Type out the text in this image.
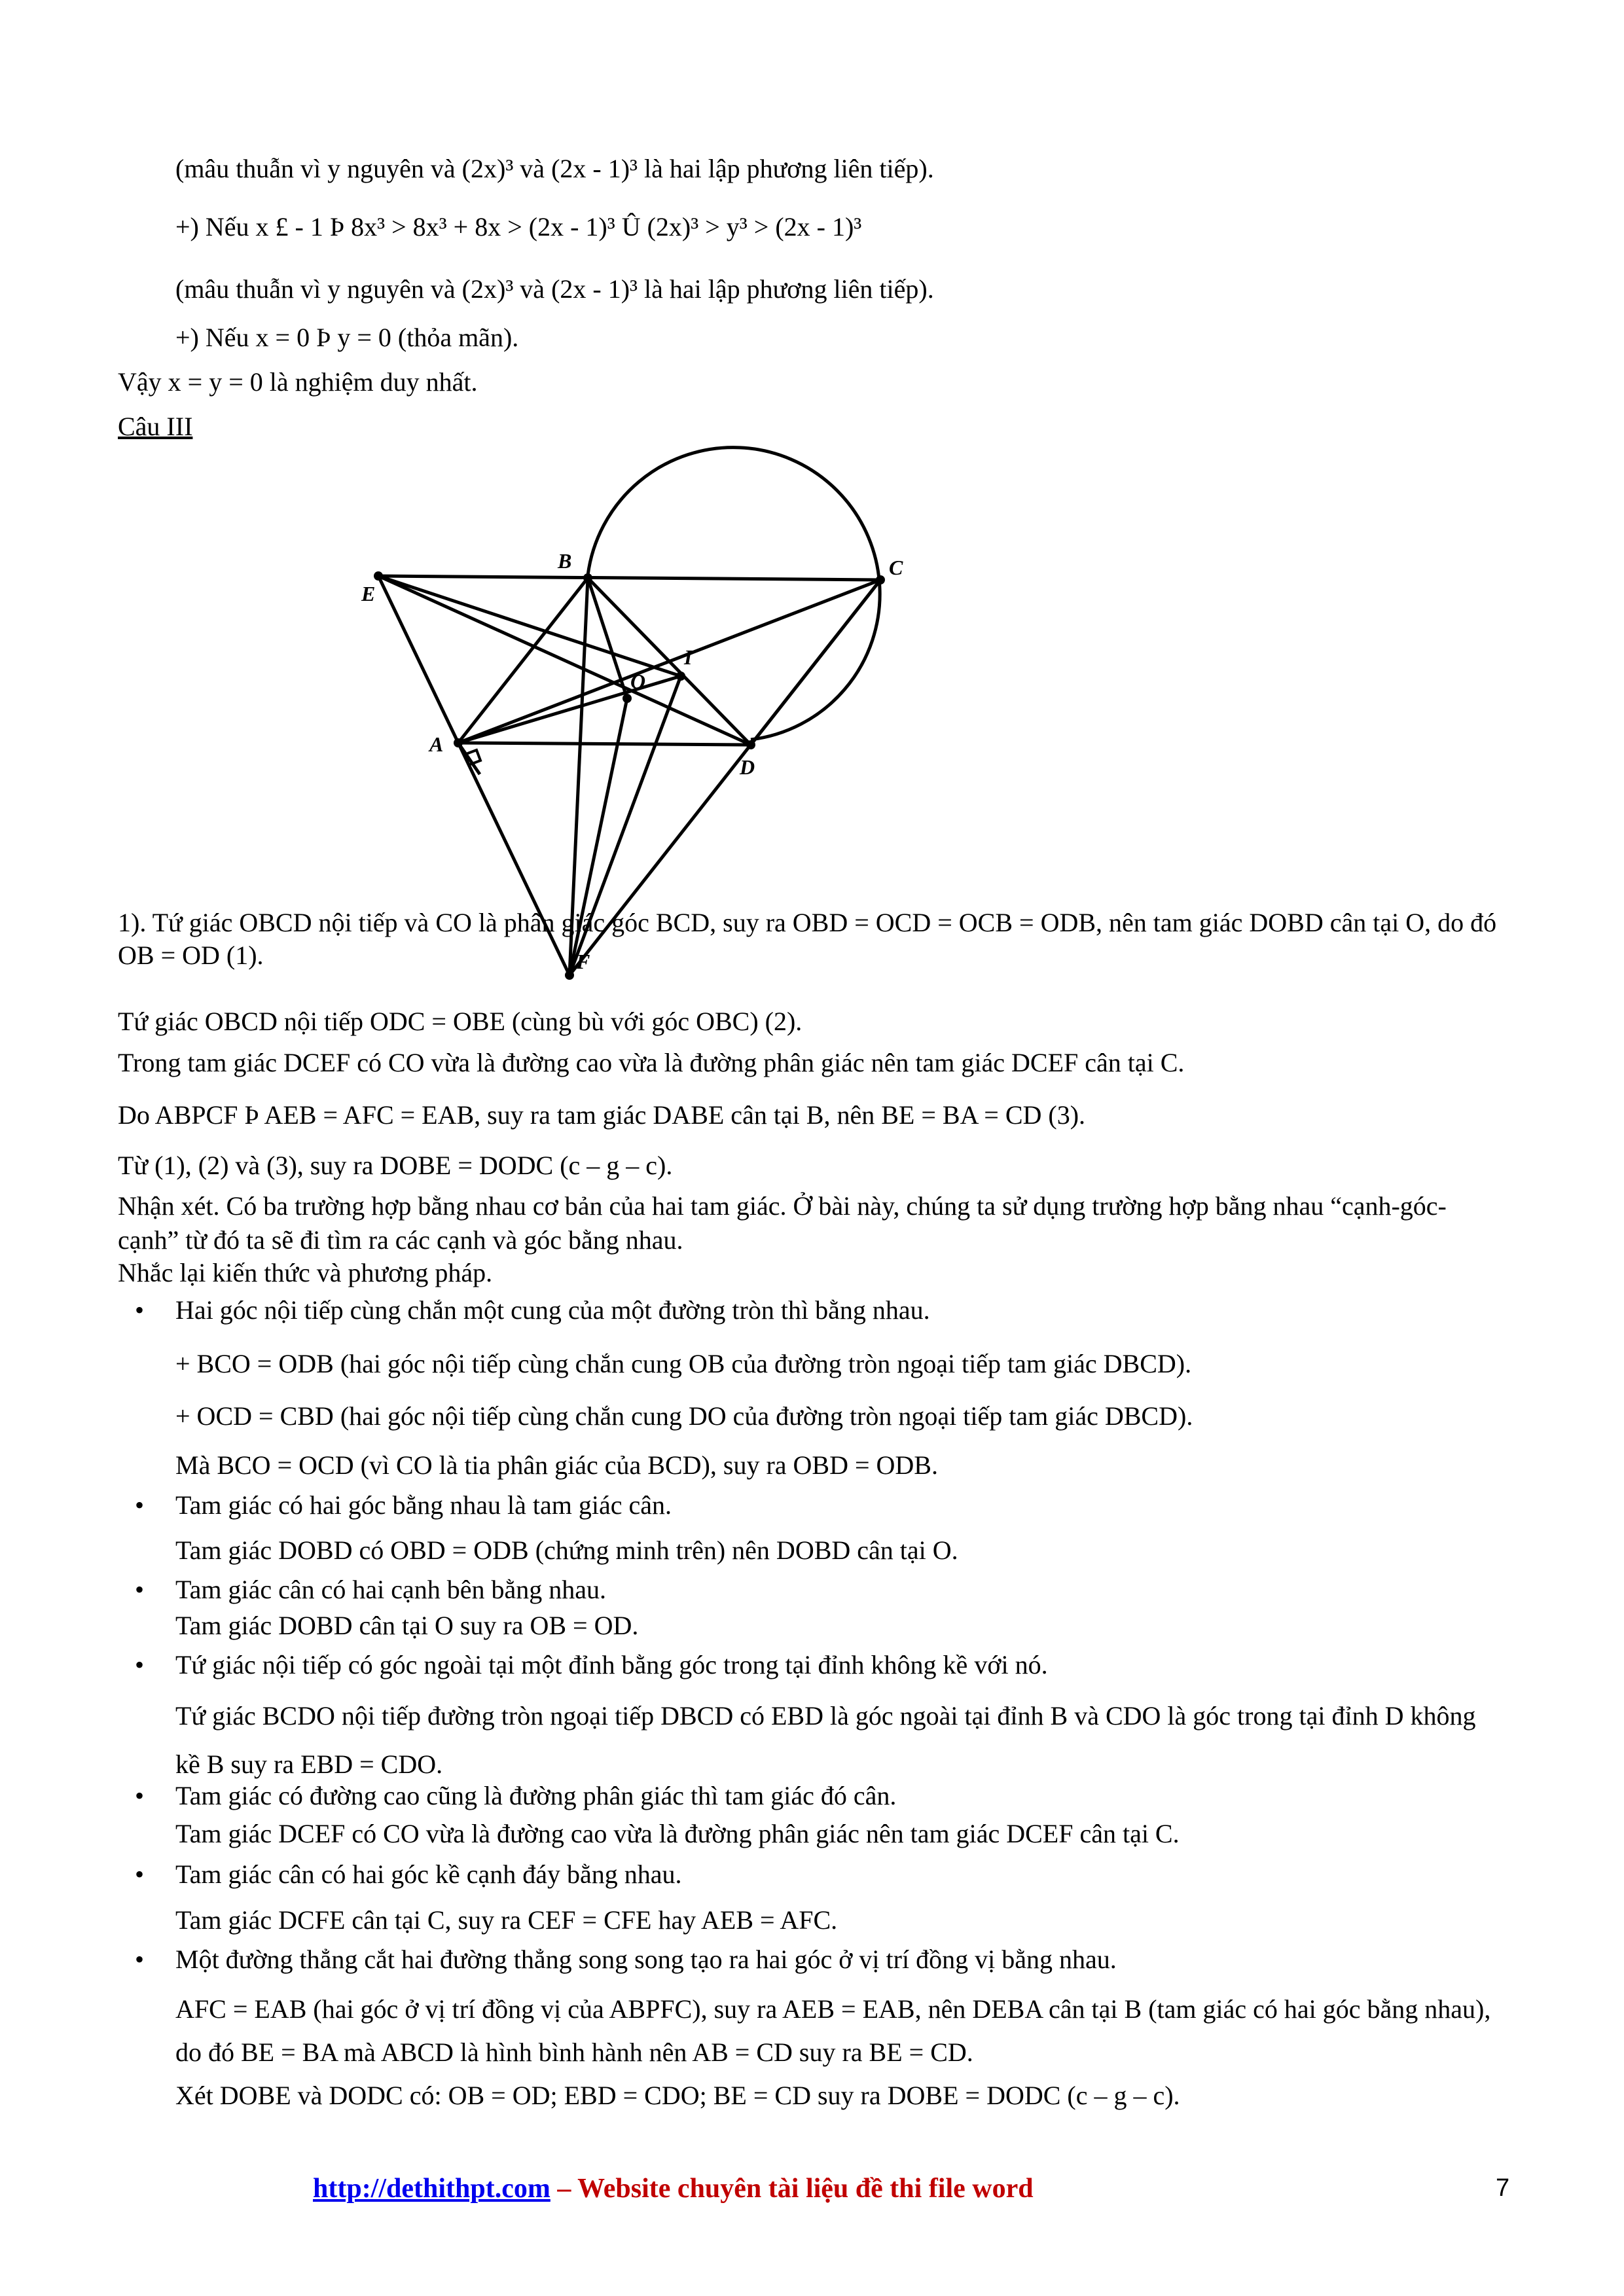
(mâu thuẫn vì y nguyên và (2x)³ và (2x - 1)³ là hai lập phương liên tiếp).
+) Nếu x £ - 1 Þ 8x³ > 8x³ + 8x > (2x - 1)³ Û (2x)³ > y³ > (2x - 1)³
(mâu thuẫn vì y nguyên và (2x)³ và (2x - 1)³ là hai lập phương liên tiếp).
+) Nếu x = 0 Þ y = 0 (thỏa mãn).
Vậy x = y = 0 là nghiệm duy nhất.
Câu III
E
B	C
A
D
O
I
F
1). Tứ giác OBCD nội tiếp và CO là phân giác góc BCD, suy ra OBD = OCD = OCB = ODB, nên tam giác DOBD cân tại O, do đó OB = OD (1).
Tứ giác OBCD nội tiếp ODC = OBE (cùng bù với góc OBC) (2).
Trong tam giác DCEF có CO vừa là đường cao vừa là đường phân giác nên tam giác DCEF cân tại C.
Do ABPCF Þ AEB = AFC = EAB, suy ra tam giác DABE cân tại B, nên BE = BA = CD (3).
Từ (1), (2) và (3), suy ra DOBE = DODC (c – g – c).
Nhận xét. Có ba trường hợp bằng nhau cơ bản của hai tam giác. Ở bài này, chúng ta sử dụng trường hợp bằng nhau “cạnh-góc-cạnh” từ đó ta sẽ đi tìm ra các cạnh và góc bằng nhau.
Nhắc lại kiến thức và phương pháp.
• Hai góc nội tiếp cùng chắn một cung của một đường tròn thì bằng nhau.
+ BCO = ODB (hai góc nội tiếp cùng chắn cung OB của đường tròn ngoại tiếp tam giác DBCD).
+ OCD = CBD (hai góc nội tiếp cùng chắn cung DO của đường tròn ngoại tiếp tam giác DBCD).
Mà BCO = OCD (vì CO là tia phân giác của BCD), suy ra OBD = ODB.
• Tam giác có hai góc bằng nhau là tam giác cân.
Tam giác DOBD có OBD = ODB (chứng minh trên) nên DOBD cân tại O.
• Tam giác cân có hai cạnh bên bằng nhau.
Tam giác DOBD cân tại O suy ra OB = OD.
• Tứ giác nội tiếp có góc ngoài tại một đỉnh bằng góc trong tại đỉnh không kề với nó.
Tứ giác BCDO nội tiếp đường tròn ngoại tiếp DBCD có EBD là góc ngoài tại đỉnh B và CDO là góc trong tại đỉnh D không kề B suy ra EBD = CDO.
• Tam giác có đường cao cũng là đường phân giác thì tam giác đó cân.
Tam giác DCEF có CO vừa là đường cao vừa là đường phân giác nên tam giác DCEF cân tại C.
• Tam giác cân có hai góc kề cạnh đáy bằng nhau.
Tam giác DCFE cân tại C, suy ra CEF = CFE hay AEB = AFC.
• Một đường thẳng cắt hai đường thẳng song song tạo ra hai góc ở vị trí đồng vị bằng nhau.
AFC = EAB (hai góc ở vị trí đồng vị của ABPFC), suy ra AEB = EAB, nên DEBA cân tại B (tam giác có hai góc bằng nhau), do đó BE = BA mà ABCD là hình bình hành nên AB = CD suy ra BE = CD.
Xét DOBE và DODC có: OB = OD; EBD = CDO; BE = CD suy ra DOBE = DODC (c – g – c).
http://dethithpt.com – Website chuyên tài liệu đề thi file word	7
